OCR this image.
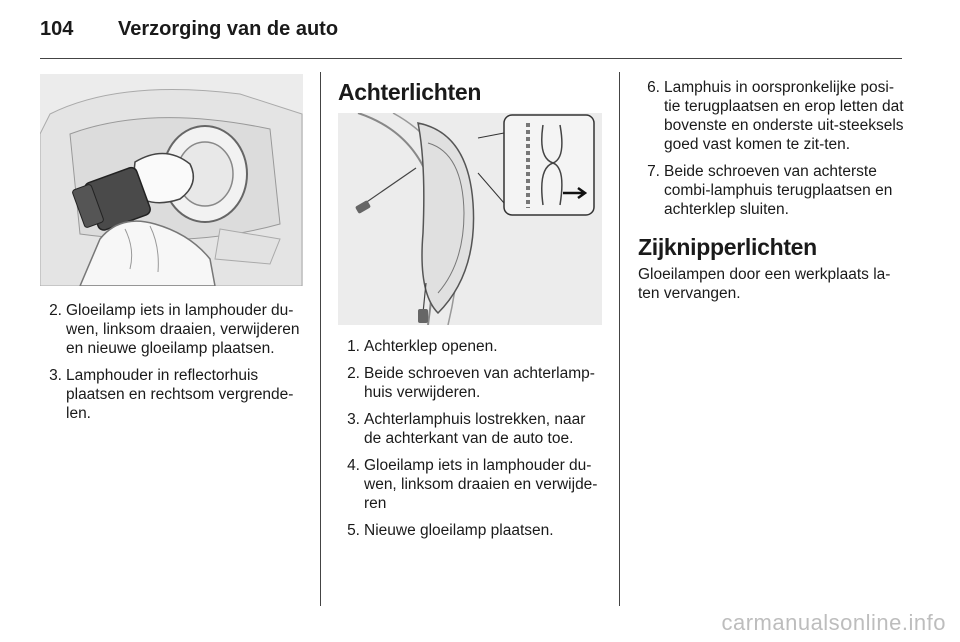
104 Verzorging van de auto
2. Gloeilamp iets in lamphouder du-wen, linksom draaien, verwijderen en nieuwe gloeilamp plaatsen.
3. Lamphouder in reflectorhuis plaatsen en rechtsom vergrende-len.
Achterlichten
1. Achterklep openen.
2. Beide schroeven van achterlamp-huis verwijderen.
3. Achterlamphuis lostrekken, naar de achterkant van de auto toe.
4. Gloeilamp iets in lamphouder du-wen, linksom draaien en verwijde-ren
5. Nieuwe gloeilamp plaatsen.
6. Lamphuis in oorspronkelijke posi-tie terugplaatsen en erop letten dat bovenste en onderste uit-steeksels goed vast komen te zit-ten.
7. Beide schroeven van achterste combi-lamphuis terugplaatsen en achterklep sluiten.
Zijknipperlichten

Gloeilampen door een werkplaats la-ten vervangen.

carmanualsonline.info
